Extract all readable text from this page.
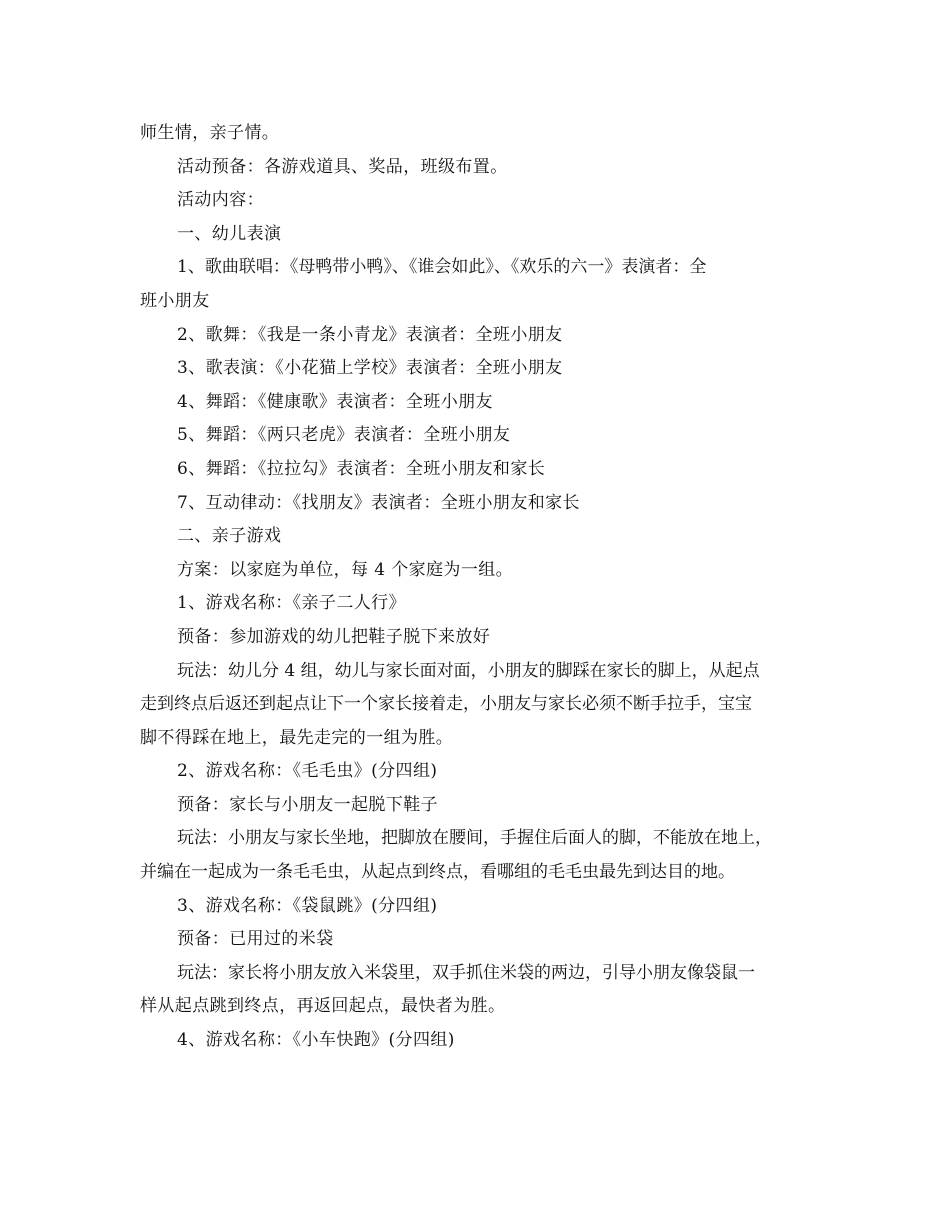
师生情，亲子情。
活动预备：各游戏道具、奖品，班级布置。
活动内容：
一、幼儿表演
1、歌曲联唱：《母鸭带小鸭》、《谁会如此》、《欢乐的六一》表演者：全
班小朋友
2、歌舞：《我是一条小青龙》表演者：全班小朋友
3、歌表演：《小花猫上学校》表演者：全班小朋友
4、舞蹈：《健康歌》表演者：全班小朋友
5、舞蹈：《两只老虎》表演者：全班小朋友
6、舞蹈：《拉拉勾》表演者：全班小朋友和家长
7、互动律动：《找朋友》表演者：全班小朋友和家长
二、亲子游戏
方案：以家庭为单位，每 4 个家庭为一组。
1、游戏名称：《亲子二人行》
预备：参加游戏的幼儿把鞋子脱下来放好
玩法：幼儿分 4 组，幼儿与家长面对面，小朋友的脚踩在家长的脚上，从起点
走到终点后返还到起点让下一个家长接着走，小朋友与家长必须不断手拉手，宝宝
脚不得踩在地上，最先走完的一组为胜。
2、游戏名称：《毛毛虫》(分四组)
预备：家长与小朋友一起脱下鞋子
玩法：小朋友与家长坐地，把脚放在腰间，手握住后面人的脚，不能放在地上，
并编在一起成为一条毛毛虫，从起点到终点，看哪组的毛毛虫最先到达目的地。
3、游戏名称：《袋鼠跳》(分四组)
预备：已用过的米袋
玩法：家长将小朋友放入米袋里，双手抓住米袋的两边，引导小朋友像袋鼠一
样从起点跳到终点，再返回起点，最快者为胜。
4、游戏名称：《小车快跑》(分四组)
